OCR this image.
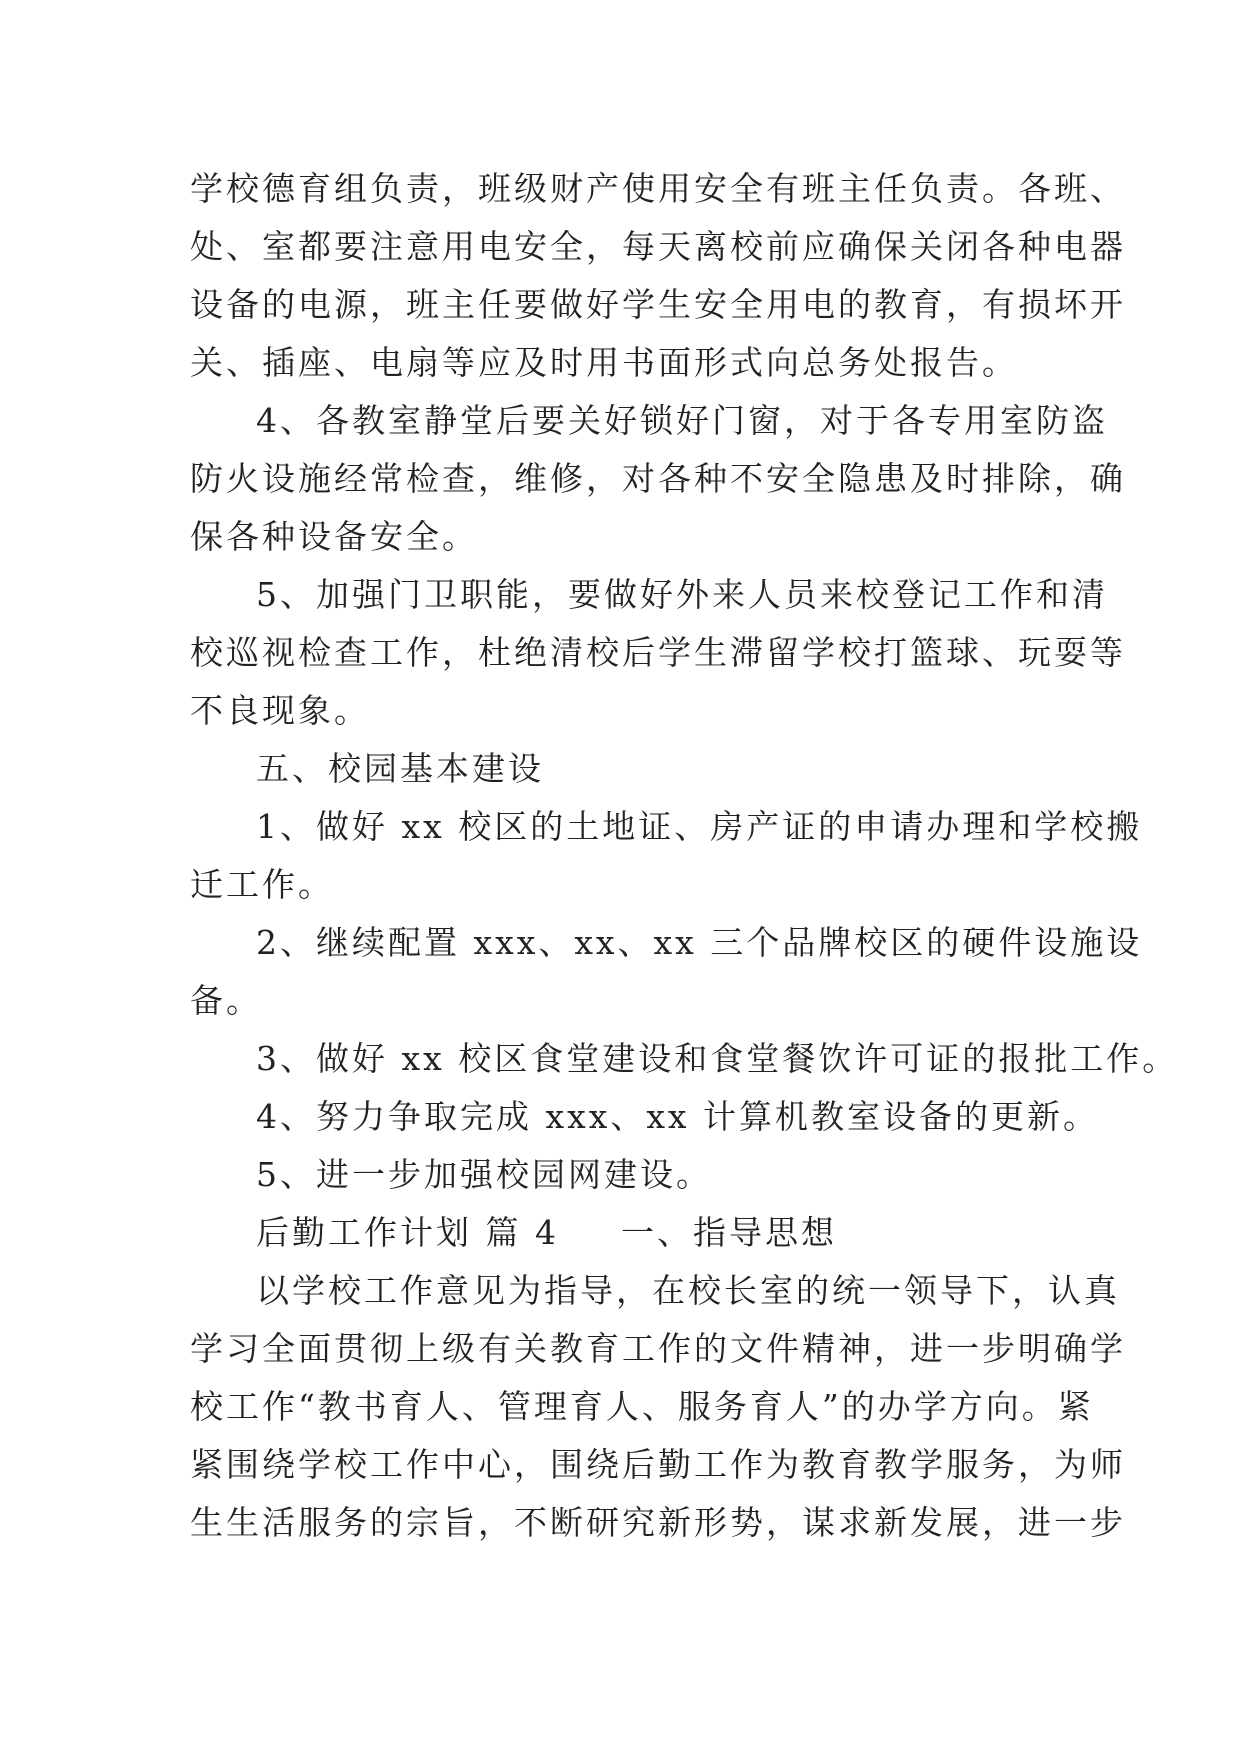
学校德育组负责，班级财产使用安全有班主任负责。各班、
处、室都要注意用电安全，每天离校前应确保关闭各种电器
设备的电源，班主任要做好学生安全用电的教育，有损坏开
关、插座、电扇等应及时用书面形式向总务处报告。
4、各教室静堂后要关好锁好门窗，对于各专用室防盗
防火设施经常检查，维修，对各种不安全隐患及时排除，确
保各种设备安全。
5、加强门卫职能，要做好外来人员来校登记工作和清
校巡视检查工作，杜绝清校后学生滞留学校打篮球、玩耍等
不良现象。
五、校园基本建设
1、做好 xx 校区的土地证、房产证的申请办理和学校搬
迁工作。
2、继续配置 xxx、xx、xx 三个品牌校区的硬件设施设
备。
3、做好 xx 校区食堂建设和食堂餐饮许可证的报批工作。
4、努力争取完成 xxx、xx 计算机教室设备的更新。
5、进一步加强校园网建设。
后勤工作计划 篇 4 一、指导思想
以学校工作意见为指导，在校长室的统一领导下，认真
学习全面贯彻上级有关教育工作的文件精神，进一步明确学
校工作“教书育人、管理育人、服务育人”的办学方向。紧
紧围绕学校工作中心，围绕后勤工作为教育教学服务，为师
生生活服务的宗旨，不断研究新形势，谋求新发展，进一步
